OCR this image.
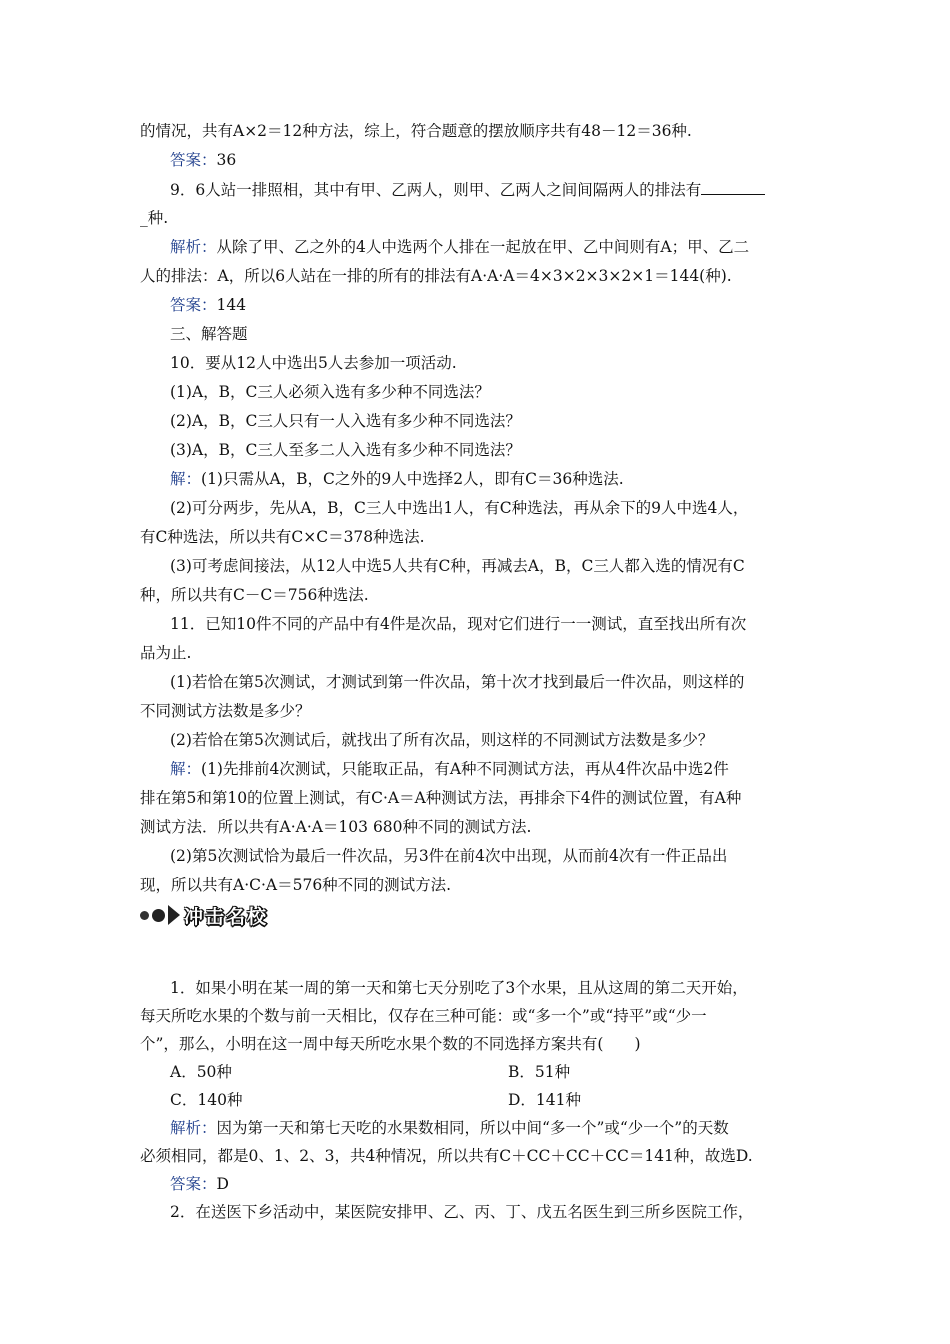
的情况，共有A×2＝12种方法，综上，符合题意的摆放顺序共有48－12＝36种.
答案：36
9．6人站一排照相，其中有甲、乙两人，则甲、乙两人之间间隔两人的排法有
_种.
解析：从除了甲、乙之外的4人中选两个人排在一起放在甲、乙中间则有A；甲、乙二
人的排法：A，所以6人站在一排的所有的排法有A·A·A＝4×3×2×3×2×1＝144(种).
答案：144
三、解答题
10．要从12人中选出5人去参加一项活动.
(1)A，B，C三人必须入选有多少种不同选法？
(2)A，B，C三人只有一人入选有多少种不同选法？
(3)A，B，C三人至多二人入选有多少种不同选法？
解：(1)只需从A，B，C之外的9人中选择2人，即有C＝36种选法.
(2)可分两步，先从A，B，C三人中选出1人，有C种选法，再从余下的9人中选4人，
有C种选法，所以共有C×C＝378种选法.
(3)可考虑间接法，从12人中选5人共有C种，再减去A，B，C三人都入选的情况有C
种，所以共有C－C＝756种选法.
11．已知10件不同的产品中有4件是次品，现对它们进行一一测试，直至找出所有次
品为止.
(1)若恰在第5次测试，才测试到第一件次品，第十次才找到最后一件次品，则这样的
不同测试方法数是多少？
(2)若恰在第5次测试后，就找出了所有次品，则这样的不同测试方法数是多少？
解：(1)先排前4次测试，只能取正品，有A种不同测试方法，再从4件次品中选2件
排在第5和第10的位置上测试，有C·A＝A种测试方法，再排余下4件的测试位置，有A种
测试方法．所以共有A·A·A＝103 680种不同的测试方法.
(2)第5次测试恰为最后一件次品，另3件在前4次中出现，从而前4次有一件正品出
现，所以共有A·C·A＝576种不同的测试方法.
冲击名校
1．如果小明在某一周的第一天和第七天分别吃了3个水果，且从这周的第二天开始，
每天所吃水果的个数与前一天相比，仅存在三种可能：或“多一个”或“持平”或“少一
个”，那么，小明在这一周中每天所吃水果个数的不同选择方案共有(　　)
A．50种	B．51种
C．140种	D．141种
解析：因为第一天和第七天吃的水果数相同，所以中间“多一个”或“少一个”的天数
必须相同，都是0、1、2、3，共4种情况，所以共有C＋CC＋CC＋CC＝141种，故选D.
答案：D
2．在送医下乡活动中，某医院安排甲、乙、丙、丁、戊五名医生到三所乡医院工作，
